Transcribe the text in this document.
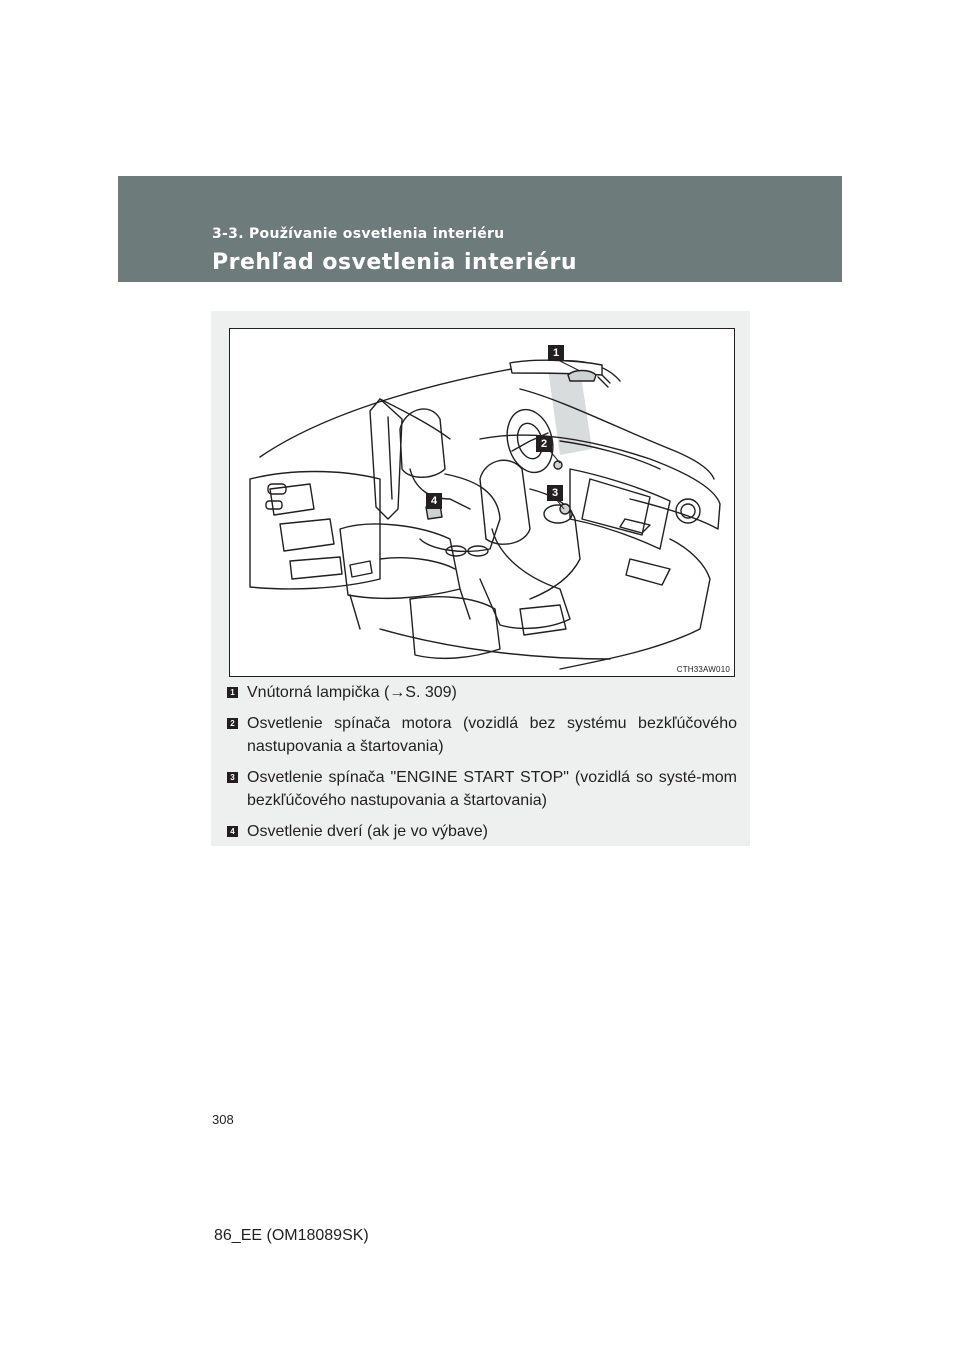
3-3. Používanie osvetlenia interiéru
Prehľad osvetlenia interiéru
1
2
3
4
CTH33AW010
1 Vnútorná lampička (→S. 309)
2 Osvetlenie spínača motora (vozidlá bez systému bezkľúčového nastupovania a štartovania)
3 Osvetlenie spínača "ENGINE START STOP" (vozidlá so systé-mom bezkľúčového nastupovania a štartovania)
4 Osvetlenie dverí (ak je vo výbave)
308
86_EE (OM18089SK)
